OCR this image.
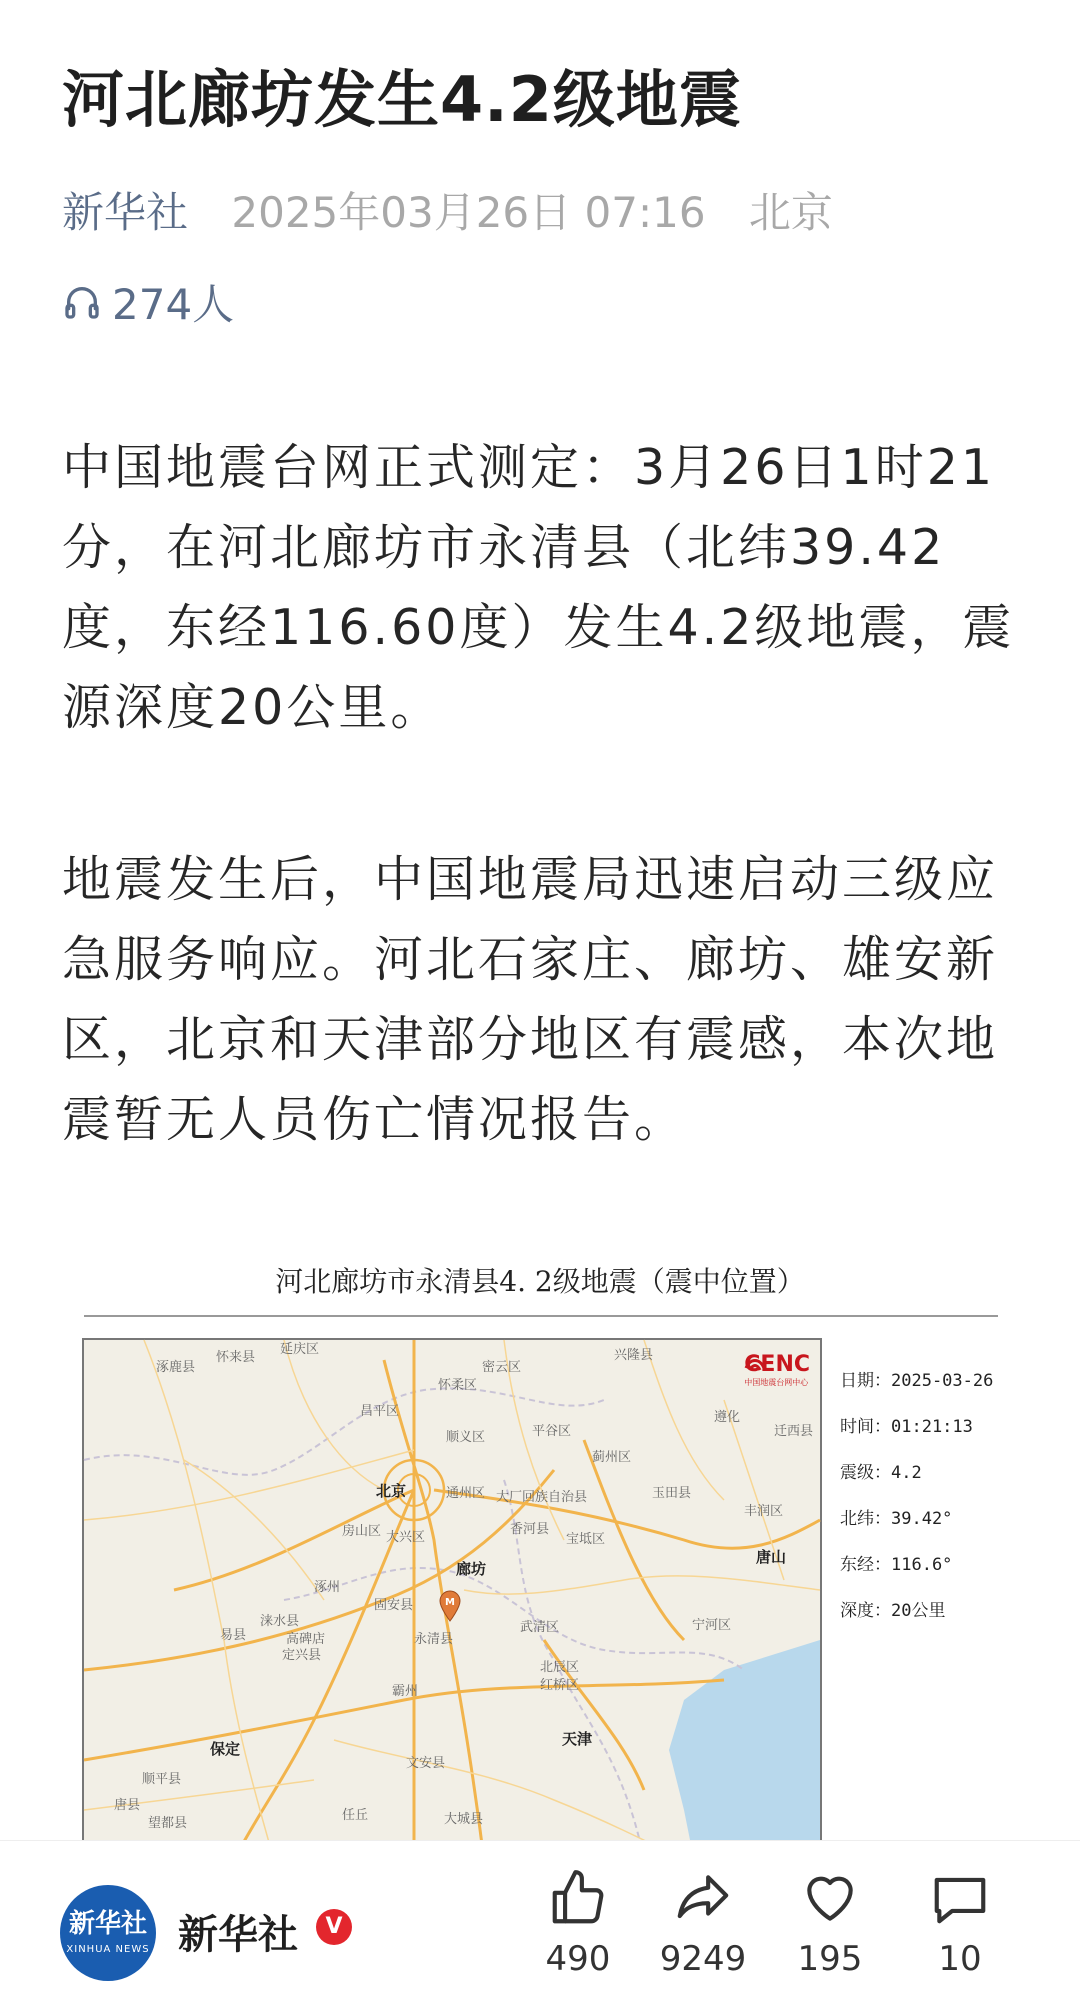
河北廊坊发生4.2级地震
新华社 2025年03月26日 07:16 北京
274人

中国地震台网正式测定：3月26日1时21分，在河北廊坊市永清县（北纬39.42度，东经116.60度）发生4.2级地震，震源深度20公里。

地震发生后，中国地震局迅速启动三级应急服务响应。河北石家庄、廊坊、雄安新区，北京和天津部分地区有震感，本次地震暂无人员伤亡情况报告。

河北廊坊市永清县4. 2级地震（震中位置）
涿鹿县
怀来县
延庆区
密云区
兴隆县
怀柔区
昌平区
平谷区
遵化
迁西县
顺义区
蓟州区
北京	通州区 大厂回族自治县	玉田县
丰润区
房山区 大兴区
香河县
宝坻区
唐山
廊坊
涿州
固安县
涞水县
高碑店	永清县
武清区	宁河区
易县
定兴县
霸州
北辰区
红桥区
天津
保定
文安县
顺平县
唐县
望都县
任丘	大城县
M
CENC
中国地震台网中心 日期：2025-03-26
时间：01:21:13
震级：4.2
北纬：39.42°
东经：116.6°
深度：20公里
新华社
XINHUA NEWS 新华社	V
490	9249	195	10
